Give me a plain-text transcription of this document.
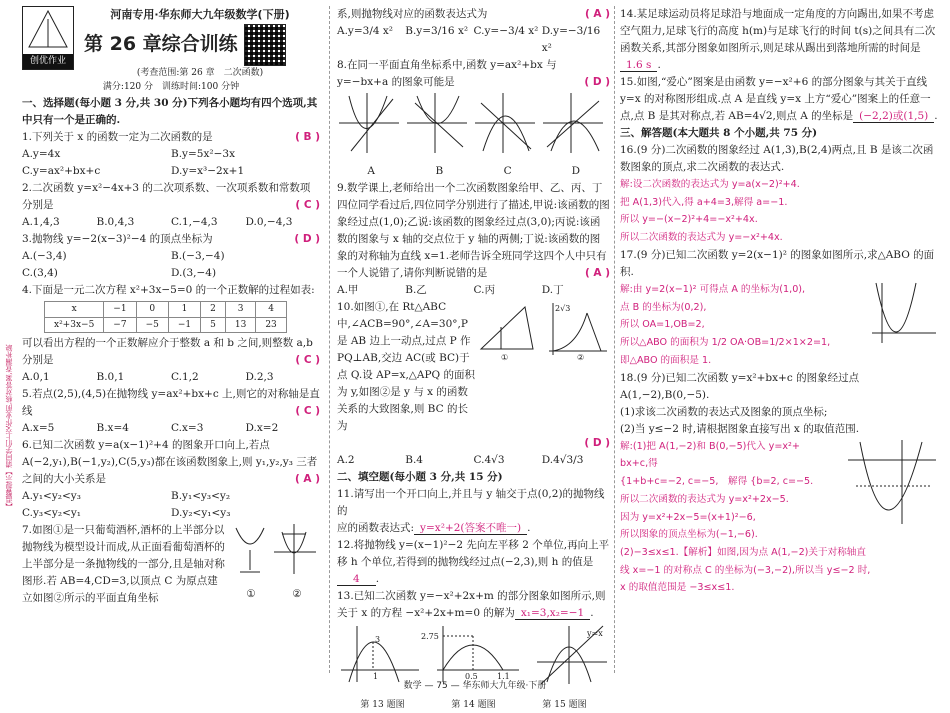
【温馨提示】请同学们上交作业前,核对答案,查漏补缺
创优作业
河南专用·华东师大九年级数学(下册)
第 26 章综合训练
(考查范围:第 26 章　二次函数)
满分:120 分　训练时间:100 分钟

一、选择题(每小题 3 分,共 30 分)下列各小题均有四个选项,其中只有一个是正确的.

1.下列关于 x 的函数一定为二次函数的是	( B )

A.y=4x	B.y=5x²−3x
C.y=ax²+bx+c	D.y=x³−2x+1

2.二次函数 y=x²−4x+3 的二次项系数、一次项系数和常数项分别是	( C )

A.1,4,3	B.0,4,3	C.1,−4,3	D.0,−4,3

3.抛物线 y=−2(x−3)²−4 的顶点坐标为	( D )

A.(−3,4)	B.(−3,−4)
C.(3,4)	D.(3,−4)

4.下面是一元二次方程 x²+3x−5=0 的一个正数解的过程如表:

x	−1	0	1	2	3	4
x²+3x−5	−7	−5	−1	5	13	23

可以看出方程的一个正数解应介于整数 a 和 b 之间,则整数 a,b 分别是	( C )

A.0,1	B.0,1	C.1,2	D.2,3

5.若点(2,5),(4,5)在抛物线 y=ax²+bx+c 上,则它的对称轴是直线	( C )

A.x=5	B.x=4	C.x=3	D.x=2

6.已知二次函数 y=a(x−1)²+4 的图象开口向上,若点 A(−2,y₁),B(−1,y₂),C(5,y₃)都在该函数图象上,则 y₁,y₂,y₃ 三者之间的大小关系是	( A )

A.y₁<y₂<y₃	B.y₁<y₃<y₂
C.y₃<y₂<y₁	D.y₂<y₁<y₃

7.如图①是一只葡萄酒杯,酒杯的上半部分以抛物线为模型设计而成,从正面看葡萄酒杯的上半部分是一条抛物线的一部分,且是轴对称图形.若 AB=4,CD=3,以顶点 C 为原点建立如图②所示的平面直角坐标	①	②

系,则抛物线对应的函数表达式为	( A )

A.y=3/4 x²	B.y=3/16 x² C.y=−3/4 x² D.y=−3/16 x²

8.在同一平面直角坐标系中,函数 y=ax²+bx 与 y=−bx+a 的图象可能是	( D )

A	B	C	D

9.数学课上,老师给出一个二次函数图象给甲、乙、丙、丁四位同学看过后,四位同学分别进行了描述,甲说:该函数的图象经过点(1,0);乙说:该函数的图象经过点(3,0);丙说:该函数的图象与 x 轴的交点位于 y 轴的两侧;丁说:该函数的图象的对称轴为直线 x=1.老师告诉全班同学这四个人中只有一个人说错了,请你判断说错的是	( A )

A.甲	B.乙	C.丙	D.丁

10.如图①,在 Rt△ABC 中,∠ACB=90°,∠A=30°,P 是 AB 边上一动点,过点 P 作 PQ⊥AB,交边 AC(或 BC)于点 Q.设 AP=x,△APQ 的面积为 y,如图②是 y 与 x 的函数关系的大致图象,则 BC 的长为

2√3
①	②

( D )

A.2	B.4	C.4√3	D.4√3/3

二、填空题(每小题 3 分,共 15 分)

11.请写出一个开口向上,并且与 y 轴交于点(0,2)的抛物线的

应的函数表达式: y=x²+2(答案不唯一) .

12.将抛物线 y=(x−1)²−2 先向左平移 2 个单位,再向上平移 h 个单位,若得到的抛物线经过点(−2,3),则 h 的值是

4 .

13.已知二次函数 y=−x²+2x+m 的部分图象如图所示,则关于 x 的方程 −x²+2x+m=0 的解为 x₁=3,x₂=−1 .

3
1
2.75
0.5 1.1
y=x
第 13 题图	第 14 题图	第 15 题图

14.某足球运动员将足球沿与地面成一定角度的方向踢出,如果不考虑空气阻力,足球飞行的高度 h(m)与足球飞行的时间 t(s)之间具有二次函数关系,其部分图象如图所示,则足球从踢出到落地所需的时间是1.6 s .

15.如图,“爱心”图案是由函数 y=−x²+6 的部分图象与其关于直线 y=x 的对称图形组成.点 A 是直线 y=x 上方“爱心”图案上的任意一点,点 B 是其对称点,若 AB=4√2,则点 A 的坐标是 (−2,2)或(1,5) .

三、解答题(本大题共 8 个小题,共 75 分)

16.(9 分)二次函数的图象经过 A(1,3),B(2,4)两点,且 B 是该二次函数图象的顶点,求二次函数的表达式.

解:设二次函数的表达式为 y=a(x−2)²+4.
把 A(1,3)代入,得 a+4=3,解得 a=−1.
所以 y=−(x−2)²+4=−x²+4x.
所以二次函数的表达式为 y=−x²+4x.

17.(9 分)已知二次函数 y=2(x−1)² 的图象如图所示,求△ABO 的面积.

解:由 y=2(x−1)² 可得点 A 的坐标为(1,0),
点 B 的坐标为(0,2),
所以 OA=1,OB=2,
所以△ABO 的面积为 1/2 OA·OB=1/2×1×2=1,
即△ABO 的面积是 1.

18.(9 分)已知二次函数 y=x²+bx+c 的图象经过点 A(1,−2),B(0,−5).

(1)求该二次函数的表达式及图象的顶点坐标;

(2)当 y≤−2 时,请根据图象直接写出 x 的取值范围.

解:(1)把 A(1,−2)和 B(0,−5)代入 y=x²+
bx+c,得
{1+b+c=−2, c=−5,　解得 {b=2, c=−5.
所以二次函数的表达式为 y=x²+2x−5.
因为 y=x²+2x−5=(x+1)²−6,
所以图象的顶点坐标为(−1,−6).
(2)−3≤x≤1.【解析】如图,因为点 A(1,−2)关于对称轴直
线 x=−1 的对称点 C 的坐标为(−3,−2),所以当 y≤−2 时,
x 的取值范围是 −3≤x≤1.
数学 — 75 — 华东师大九年级·下册
